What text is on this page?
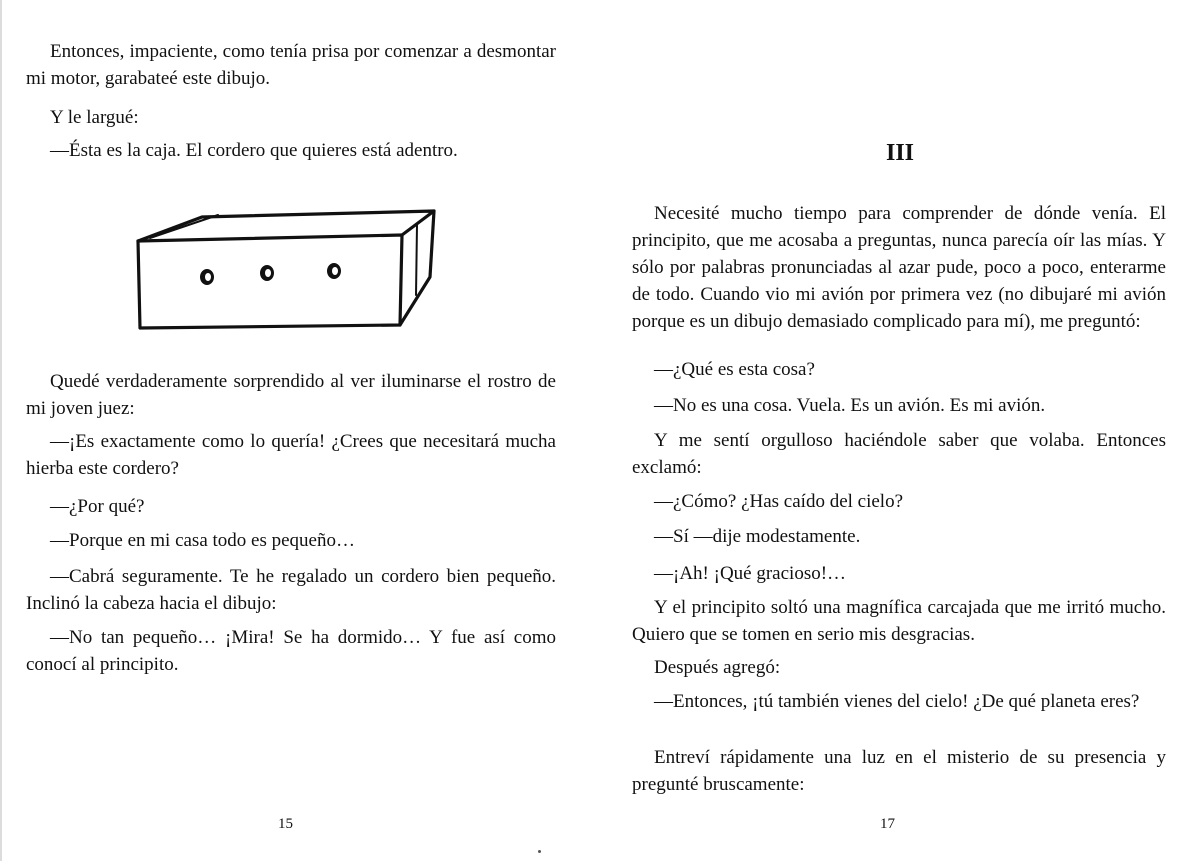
Entonces, impaciente, como tenía prisa por comenzar a desmontar mi motor, garabateé este dibujo.

Y le largué:

—Ésta es la caja. El cordero que quieres está adentro.

Quedé verdaderamente sorprendido al ver iluminarse el rostro de mi joven juez:

—¡Es exactamente como lo quería! ¿Crees que necesitará mucha hierba este cordero?

—¿Por qué?

—Porque en mi casa todo es pequeño…

—Cabrá seguramente. Te he regalado un cordero bien pequeño. Inclinó la cabeza hacia el dibujo:

—No tan pequeño… ¡Mira! Se ha dormido… Y fue así como conocí al principito.

15
III

Necesité mucho tiempo para comprender de dónde venía. El principito, que me acosaba a preguntas, nunca parecía oír las mías. Y sólo por palabras pronunciadas al azar pude, poco a poco, enterarme de todo. Cuando vio mi avión por primera vez (no dibujaré mi avión porque es un dibujo demasiado complicado para mí), me preguntó:

—¿Qué es esta cosa?

—No es una cosa. Vuela. Es un avión. Es mi avión.

Y me sentí orgulloso haciéndole saber que volaba. Entonces exclamó:

—¿Cómo? ¿Has caído del cielo?

—Sí —dije modestamente.

—¡Ah! ¡Qué gracioso!…

Y el principito soltó una magnífica carcajada que me irritó mucho. Quiero que se tomen en serio mis desgracias.

Después agregó:

—Entonces, ¡tú también vienes del cielo! ¿De qué planeta eres?

Entreví rápidamente una luz en el misterio de su presencia y pregunté bruscamente:

17
